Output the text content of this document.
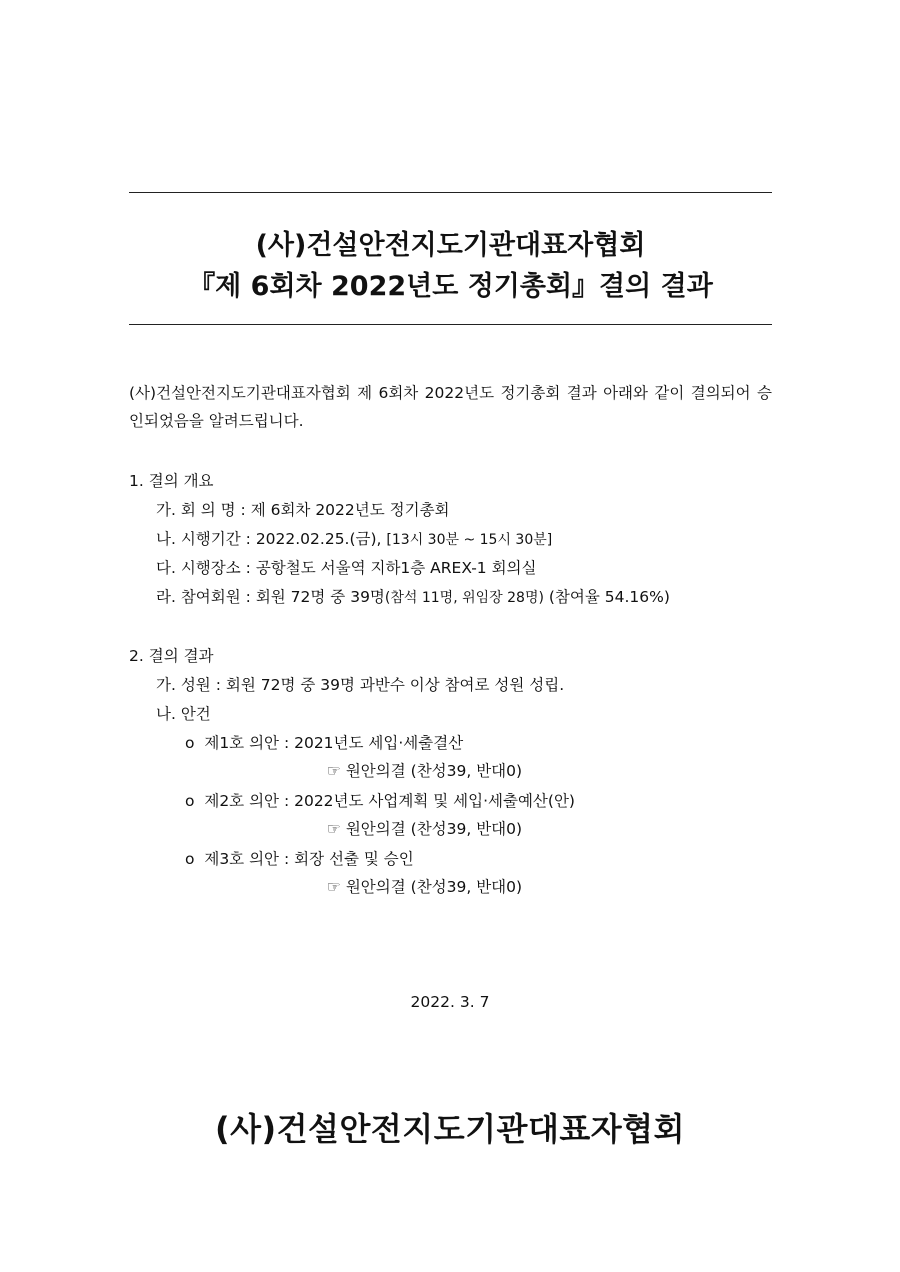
(사)건설안전지도기관대표자협회
『제 6회차 2022년도 정기총회』결의 결과
(사)건설안전지도기관대표자협회 제 6회차 2022년도 정기총회 결과 아래와 같이 결의되어 승인되었음을 알려드립니다.
1. 결의 개요
가. 회 의 명 : 제 6회차 2022년도 정기총회
나. 시행기간 : 2022.02.25.(금), [13시 30분 ~ 15시 30분]
다. 시행장소 : 공항철도 서울역 지하1층 AREX-1 회의실
라. 참여회원 : 회원 72명 중 39명(참석 11명, 위임장 28명) (참여율 54.16%)
2. 결의 결과
가. 성원 : 회원 72명 중 39명 과반수 이상 참여로 성원 성립.
나. 안건
ο 제1호 의안 : 2021년도 세입·세출결산
☞ 원안의결 (찬성39, 반대0)
ο 제2호 의안 : 2022년도 사업계획 및 세입·세출예산(안)
☞ 원안의결 (찬성39, 반대0)
ο 제3호 의안 : 회장 선출 및 승인
☞ 원안의결 (찬성39, 반대0)
2022. 3. 7
(사)건설안전지도기관대표자협회
